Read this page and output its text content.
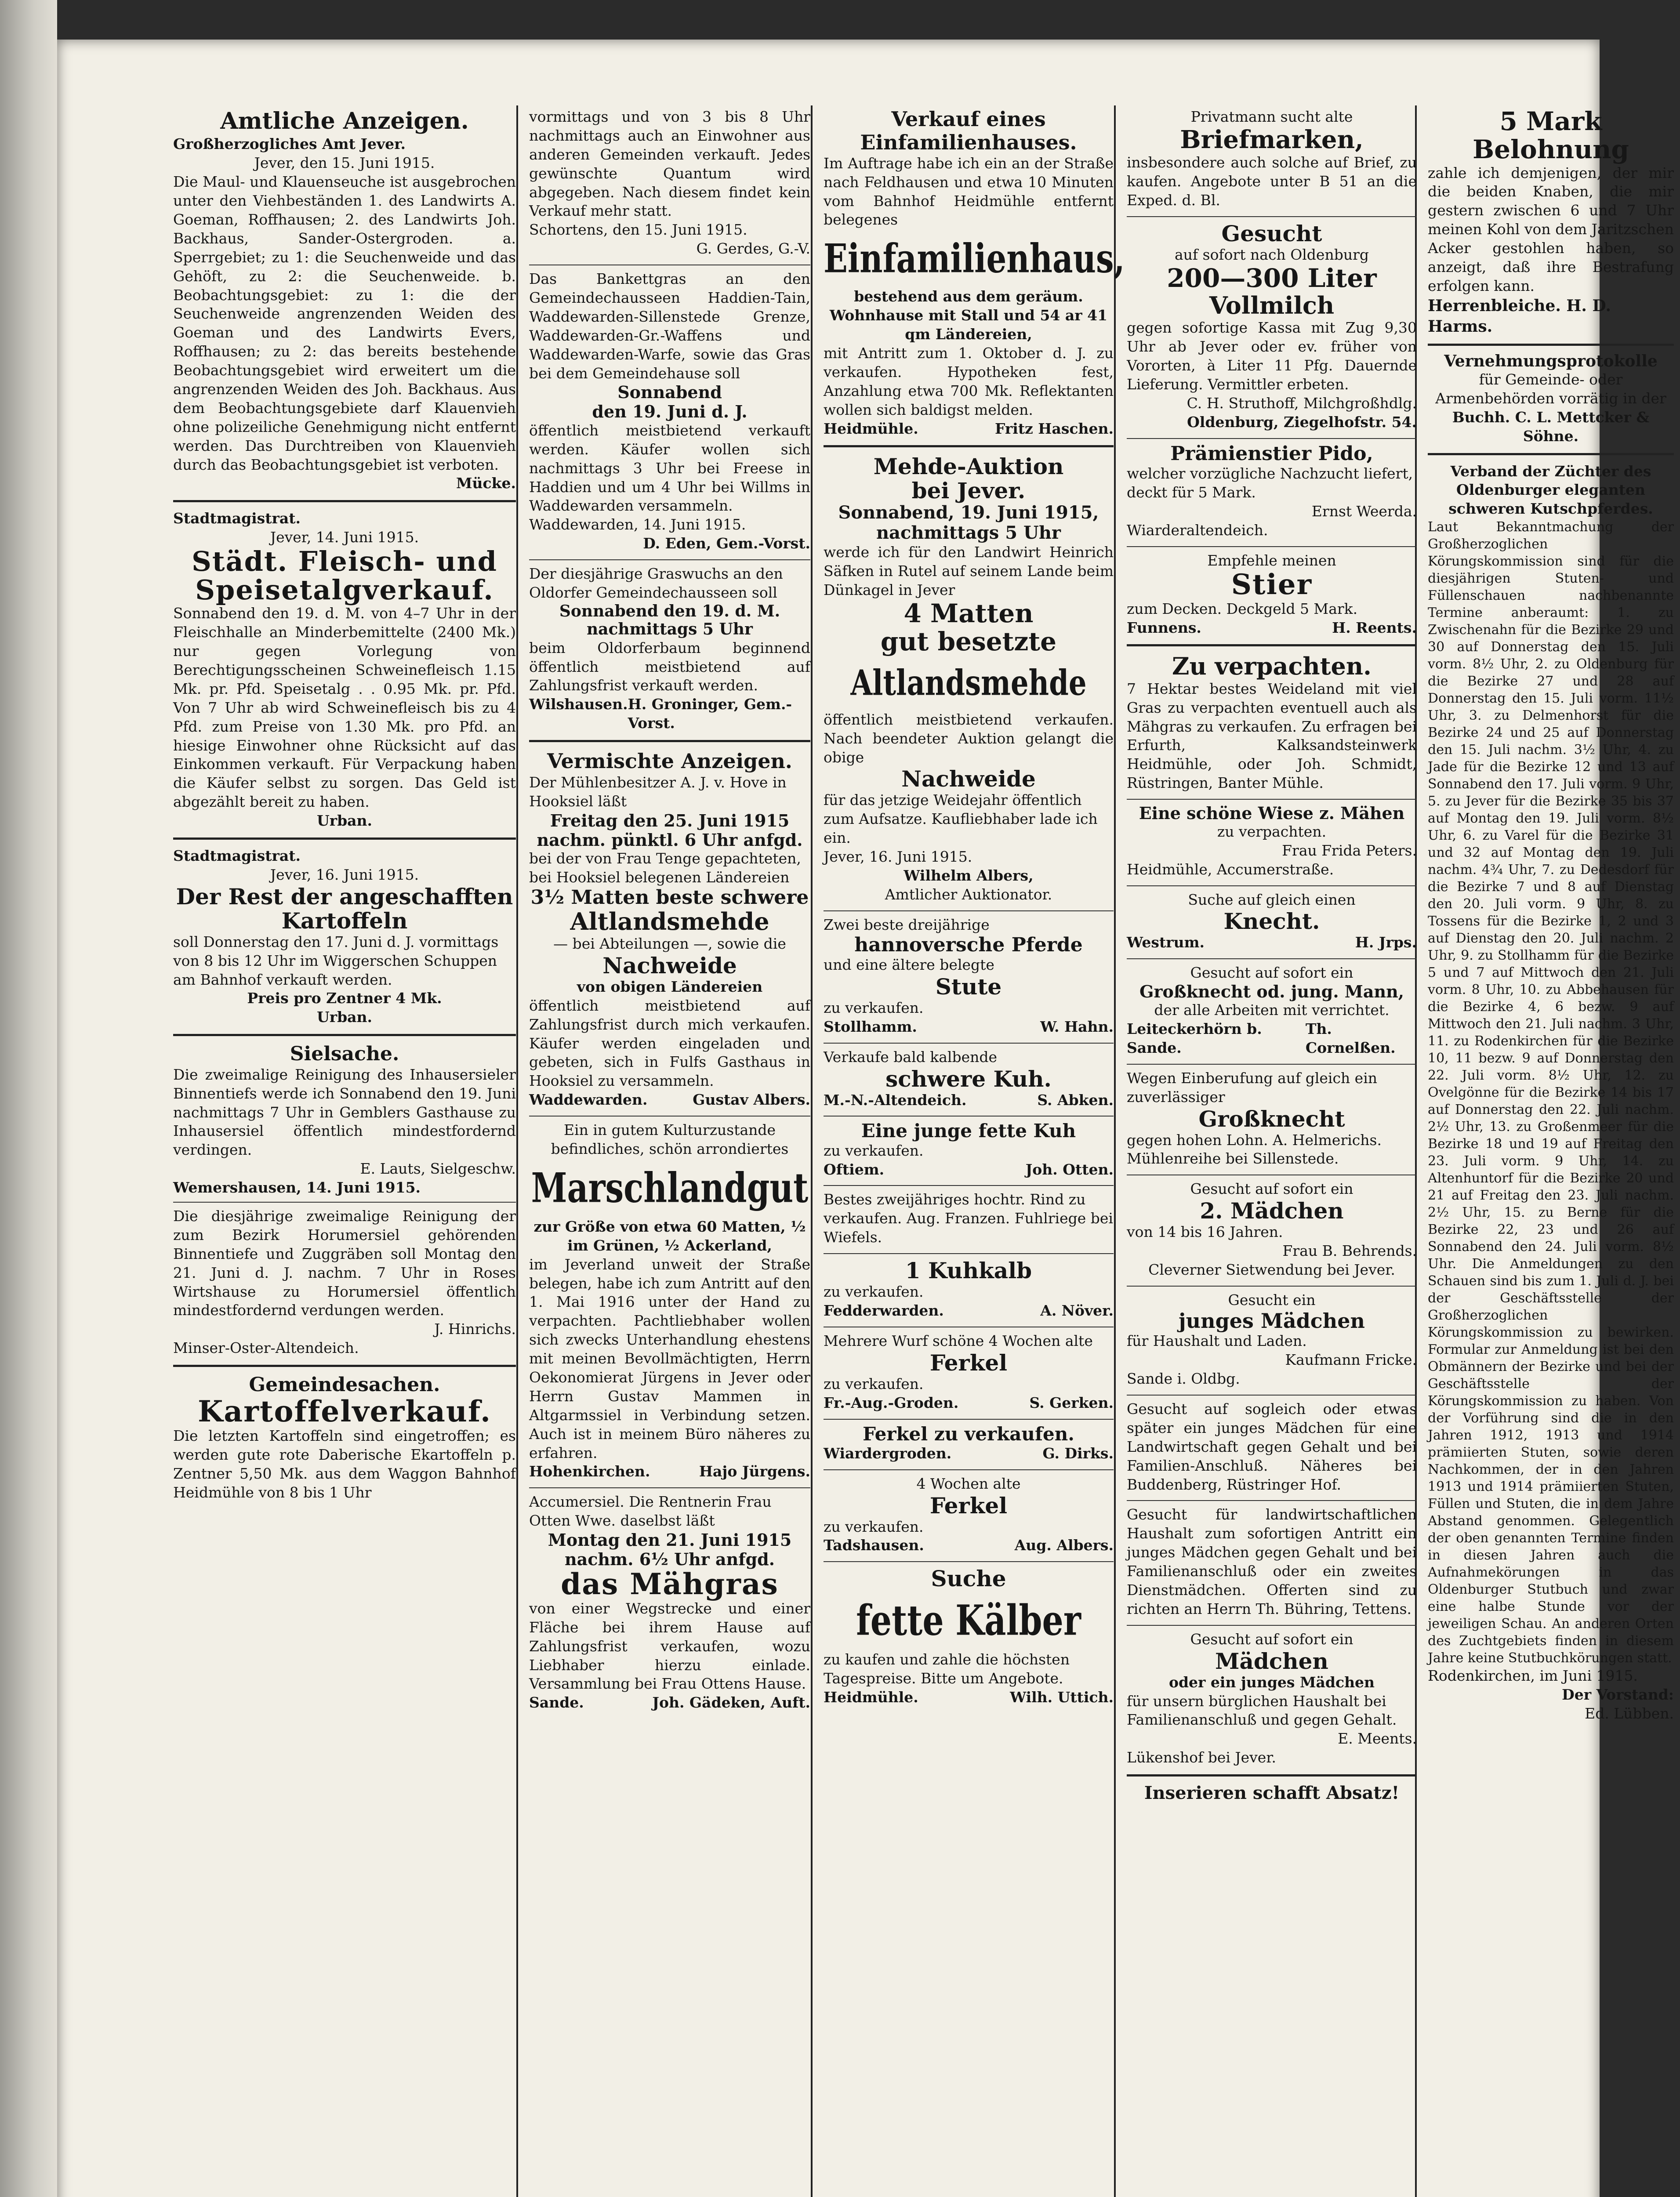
Amtliche Anzeigen.
Großherzogliches Amt Jever.
Jever, den 15. Juni 1915.
Die Maul- und Klauenseuche ist ausgebrochen unter den Viehbeständen 1. des Landwirts A. Goeman, Roffhausen; 2. des Landwirts Joh. Backhaus, Sander-Ostergroden. a. Sperrgebiet; zu 1: die Seuchenweide und das Gehöft, zu 2: die Seuchenweide. b. Beobachtungsgebiet: zu 1: die der Seuchenweide angrenzenden Weiden des Goeman und des Landwirts Evers, Roffhausen; zu 2: das bereits bestehende Beobachtungsgebiet wird erweitert um die angrenzenden Weiden des Joh. Backhaus. Aus dem Beobachtungsgebiete darf Klauenvieh ohne polizeiliche Genehmigung nicht entfernt werden. Das Durchtreiben von Klauenvieh durch das Beobachtungsgebiet ist verboten.
Mücke.
Stadtmagistrat.
Jever, 14. Juni 1915.
Städt. Fleisch- und
Speisetalgverkauf.
Sonnabend den 19. d. M. von 4–7 Uhr in der Fleischhalle an Minderbemittelte (2400 Mk.) nur gegen Vorlegung von Berechtigungsscheinen Schweinefleisch 1.15 Mk. pr. Pfd. Speisetalg . . 0.95 Mk. pr. Pfd. Von 7 Uhr ab wird Schweinefleisch bis zu 4 Pfd. zum Preise von 1.30 Mk. pro Pfd. an hiesige Einwohner ohne Rücksicht auf das Einkommen verkauft. Für Verpackung haben die Käufer selbst zu sorgen. Das Geld ist abgezählt bereit zu haben.
Urban.
Stadtmagistrat.
Jever, 16. Juni 1915.
Der Rest der angeschafften
Kartoffeln
soll Donnerstag den 17. Juni d. J. vormittags von 8 bis 12 Uhr im Wiggerschen Schuppen am Bahnhof verkauft werden.
Preis pro Zentner 4 Mk.
Urban.
Sielsache.
Die zweimalige Reinigung des Inhausersieler Binnentiefs werde ich Sonnabend den 19. Juni nachmittags 7 Uhr in Gemblers Gasthause zu Inhausersiel öffentlich mindestfordernd verdingen.
E. Lauts, Sielgeschw.
Wemershausen, 14. Juni 1915.
Die diesjährige zweimalige Reinigung der zum Bezirk Horumersiel gehörenden Binnentiefe und Zuggräben soll Montag den 21. Juni d. J. nachm. 7 Uhr in Roses Wirtshause zu Horumersiel öffentlich mindestfordernd verdungen werden.
J. Hinrichs.
Minser-Oster-Altendeich.
Gemeindesachen.
Kartoffelverkauf.
Die letzten Kartoffeln sind eingetroffen; es werden gute rote Daberische Ekartoffeln p. Zentner 5,50 Mk. aus dem Waggon Bahnhof Heidmühle von 8 bis 1 Uhr
vormittags und von 3 bis 8 Uhr nachmittags auch an Einwohner aus anderen Gemeinden verkauft. Jedes gewünschte Quantum wird abgegeben. Nach diesem findet kein Verkauf mehr statt.
Schortens, den 15. Juni 1915.
G. Gerdes, G.-V.
Das Bankettgras an den Gemeindechausseen Haddien-Tain, Waddewarden-Sillenstede Grenze, Waddewarden-Gr.-Waffens und Waddewarden-Warfe, sowie das Gras bei dem Gemeindehause soll
Sonnabend
den 19. Juni d. J.
öffentlich meistbietend verkauft werden. Käufer wollen sich nachmittags 3 Uhr bei Freese in Haddien und um 4 Uhr bei Willms in Waddewarden versammeln.
Waddewarden, 14. Juni 1915.
D. Eden, Gem.-Vorst.
Der diesjährige Graswuchs an den Oldorfer Gemeindechausseen soll
Sonnabend den 19. d. M. nachmittags 5 Uhr
beim Oldorferbaum beginnend öffentlich meistbietend auf Zahlungsfrist verkauft werden.
Wilshausen. H. Groninger, Gem.-Vorst.
Vermischte Anzeigen.
Der Mühlenbesitzer A. J. v. Hove in Hooksiel läßt
Freitag den 25. Juni 1915 nachm. pünktl. 6 Uhr anfgd.
bei der von Frau Tenge gepachteten, bei Hooksiel belegenen Ländereien
3½ Matten beste schwere
Altlandsmehde
— bei Abteilungen —, sowie die
Nachweide
von obigen Ländereien
öffentlich meistbietend auf Zahlungsfrist durch mich verkaufen. Käufer werden eingeladen und gebeten, sich in Fulfs Gasthaus in Hooksiel zu versammeln.
Waddewarden.	Gustav Albers.
Ein in gutem Kulturzustande befindliches, schön arrondiertes
Marschlandgut
zur Größe von etwa 60 Matten, ½ im Grünen, ½ Ackerland,
im Jeverland unweit der Straße belegen, habe ich zum Antritt auf den 1. Mai 1916 unter der Hand zu verpachten. Pachtliebhaber wollen sich zwecks Unterhandlung ehestens mit meinen Bevollmächtigten, Herrn Oekonomierat Jürgens in Jever oder Herrn Gustav Mammen in Altgarmssiel in Verbindung setzen. Auch ist in meinem Büro näheres zu erfahren.
Hohenkirchen.	Hajo Jürgens.
Accumersiel. Die Rentnerin Frau Otten Wwe. daselbst läßt
Montag den 21. Juni 1915 nachm. 6½ Uhr anfgd.
das Mähgras
von einer Wegstrecke und einer Fläche bei ihrem Hause auf Zahlungsfrist verkaufen, wozu Liebhaber hierzu einlade. Versammlung bei Frau Ottens Hause.
Sande.	Joh. Gädeken, Auft.
Verkauf eines Einfamilienhauses.
Im Auftrage habe ich ein an der Straße nach Feldhausen und etwa 10 Minuten vom Bahnhof Heidmühle entfernt belegenes
Einfamilienhaus,
bestehend aus dem geräum. Wohnhause mit Stall und 54 ar 41 qm Ländereien,
mit Antritt zum 1. Oktober d. J. zu verkaufen. Hypotheken fest, Anzahlung etwa 700 Mk. Reflektanten wollen sich baldigst melden.
Heidmühle.	Fritz Haschen.
Mehde-Auktion
bei Jever.
Sonnabend, 19. Juni 1915, nachmittags 5 Uhr
werde ich für den Landwirt Heinrich Säfken in Rutel auf seinem Lande beim Dünkagel in Jever
4 Matten
gut besetzte
Altlandsmehde
öffentlich meistbietend verkaufen. Nach beendeter Auktion gelangt die obige
Nachweide
für das jetzige Weidejahr öffentlich zum Aufsatze. Kaufliebhaber lade ich ein.
Jever, 16. Juni 1915.
Wilhelm Albers,
Amtlicher Auktionator.
Zwei beste dreijährige
hannoversche Pferde
und eine ältere belegte
Stute
zu verkaufen.
Stollhamm.	W. Hahn.
Verkaufe bald kalbende
schwere Kuh.
M.-N.-Altendeich.	S. Abken.
Eine junge fette Kuh
zu verkaufen.
Oftiem.	Joh. Otten.
Bestes zweijähriges hochtr. Rind zu verkaufen. Aug. Franzen. Fuhlriege bei Wiefels.
1 Kuhkalb
zu verkaufen.
Fedderwarden.	A. Növer.
Mehrere Wurf schöne 4 Wochen alte
Ferkel
zu verkaufen.
Fr.-Aug.-Groden.	S. Gerken.
Ferkel zu verkaufen.
Wiardergroden.	G. Dirks.
4 Wochen alte
Ferkel
zu verkaufen.
Tadshausen.	Aug. Albers.
Suche
fette Kälber
zu kaufen und zahle die höchsten Tagespreise. Bitte um Angebote.
Heidmühle.	Wilh. Uttich.
Privatmann sucht alte
Briefmarken,
insbesondere auch solche auf Brief, zu kaufen. Angebote unter B 51 an die Exped. d. Bl.
Gesucht
auf sofort nach Oldenburg
200—300 Liter
Vollmilch
gegen sofortige Kassa mit Zug 9,30 Uhr ab Jever oder ev. früher von Vororten, à Liter 11 Pfg. Dauernde Lieferung. Vermittler erbeten.
C. H. Struthoff, Milchgroßhdlg.
Oldenburg, Ziegelhofstr. 54.
Prämienstier Pido,
welcher vorzügliche Nachzucht liefert, deckt für 5 Mark.
Ernst Weerda.
Wiarderaltendeich.
Empfehle meinen
Stier
zum Decken. Deckgeld 5 Mark.
Funnens.	H. Reents.
Zu verpachten.
7 Hektar bestes Weideland mit viel Gras zu verpachten eventuell auch als Mähgras zu verkaufen. Zu erfragen bei Erfurth, Kalksandsteinwerk Heidmühle, oder Joh. Schmidt, Rüstringen, Banter Mühle.
Eine schöne Wiese z. Mähen
zu verpachten.
Frau Frida Peters.
Heidmühle, Accumerstraße.
Suche auf gleich einen
Knecht.
Westrum.	H. Jrps.
Gesucht auf sofort ein
Großknecht od. jung. Mann,
der alle Arbeiten mit verrichtet.
Leiteckerhörn b. Sande.
Th. Cornelßen.
Wegen Einberufung auf gleich ein zuverlässiger
Großknecht
gegen hohen Lohn. A. Helmerichs. Mühlenreihe bei Sillenstede.
Gesucht auf sofort ein
2. Mädchen
von 14 bis 16 Jahren.
Frau B. Behrends.
Cleverner Sietwendung bei Jever.
Gesucht ein
junges Mädchen
für Haushalt und Laden.
Kaufmann Fricke.
Sande i. Oldbg.
Gesucht auf sogleich oder etwas später ein junges Mädchen für eine Landwirtschaft gegen Gehalt und bei Familien-Anschluß. Näheres bei Buddenberg, Rüstringer Hof.
Gesucht für landwirtschaftlichen Haushalt zum sofortigen Antritt ein junges Mädchen gegen Gehalt und bei Familienanschluß oder ein zweites Dienstmädchen. Offerten sind zu richten an Herrn Th. Bühring, Tettens.
Gesucht auf sofort ein
Mädchen
oder ein junges Mädchen
für unsern bürglichen Haushalt bei Familienanschluß und gegen Gehalt.
E. Meents.
Lükenshof bei Jever.
Inserieren schafft Absatz!
5 Mark
Belohnung
zahle ich demjenigen, der mir die beiden Knaben, die mir gestern zwischen 6 und 7 Uhr meinen Kohl von dem Jaritzschen Acker gestohlen haben, so anzeigt, daß ihre Bestrafung erfolgen kann.
Herrenbleiche. H. D. Harms.
Vernehmungsprotokolle
für Gemeinde- oder Armenbehörden vorrätig in der
Buchh. C. L. Mettcker & Söhne.
Verband der Züchter des Oldenburger eleganten schweren Kutschpferdes.
Laut Bekanntmachung der Großherzoglichen Körungskommission sind für die diesjährigen Stuten- und Füllenschauen nachbenannte Termine anberaumt: 1. zu Zwischenahn für die Bezirke 29 und 30 auf Donnerstag den 15. Juli vorm. 8½ Uhr, 2. zu Oldenburg für die Bezirke 27 und 28 auf Donnerstag den 15. Juli vorm. 11½ Uhr, 3. zu Delmenhorst für die Bezirke 24 und 25 auf Donnerstag den 15. Juli nachm. 3½ Uhr, 4. zu Jade für die Bezirke 12 und 13 auf Sonnabend den 17. Juli vorm. 9 Uhr, 5. zu Jever für die Bezirke 35 bis 37 auf Montag den 19. Juli vorm. 8½ Uhr, 6. zu Varel für die Bezirke 31 und 32 auf Montag den 19. Juli nachm. 4¾ Uhr, 7. zu Dedesdorf für die Bezirke 7 und 8 auf Dienstag den 20. Juli vorm. 9 Uhr, 8. zu Tossens für die Bezirke 1, 2 und 3 auf Dienstag den 20. Juli nachm. 2 Uhr, 9. zu Stollhamm für die Bezirke 5 und 7 auf Mittwoch den 21. Juli vorm. 8 Uhr, 10. zu Abbehausen für die Bezirke 4, 6 bezw. 9 auf Mittwoch den 21. Juli nachm. 3 Uhr, 11. zu Rodenkirchen für die Bezirke 10, 11 bezw. 9 auf Donnerstag den 22. Juli vorm. 8½ Uhr, 12. zu Ovelgönne für die Bezirke 14 bis 17 auf Donnerstag den 22. Juli nachm. 2½ Uhr, 13. zu Großenmeer für die Bezirke 18 und 19 auf Freitag den 23. Juli vorm. 9 Uhr, 14. zu Altenhuntorf für die Bezirke 20 und 21 auf Freitag den 23. Juli nachm. 2½ Uhr, 15. zu Berne für die Bezirke 22, 23 und 26 auf Sonnabend den 24. Juli vorm. 8½ Uhr. Die Anmeldungen zu den Schauen sind bis zum 1. Juli d. J. bei der Geschäftsstelle der Großherzoglichen Körungskommission zu bewirken. Formular zur Anmeldung ist bei den Obmännern der Bezirke und bei der Geschäftsstelle der Körungskommission zu haben. Von der Vorführung sind die in den Jahren 1912, 1913 und 1914 prämiierten Stuten, sowie deren Nachkommen, der in den Jahren 1913 und 1914 prämiierten Stuten, Füllen und Stuten, die in dem Jahre Abstand genommen. Gelegentlich der oben genannten Termine finden in diesen Jahren auch die Aufnahmekörungen in das Oldenburger Stutbuch und zwar eine halbe Stunde vor der jeweiligen Schau. An anderen Orten des Zuchtgebiets finden in diesem Jahre keine Stutbuchkörungen statt.
Rodenkirchen, im Juni 1915.
Der Vorstand:
Ed. Lübben.
